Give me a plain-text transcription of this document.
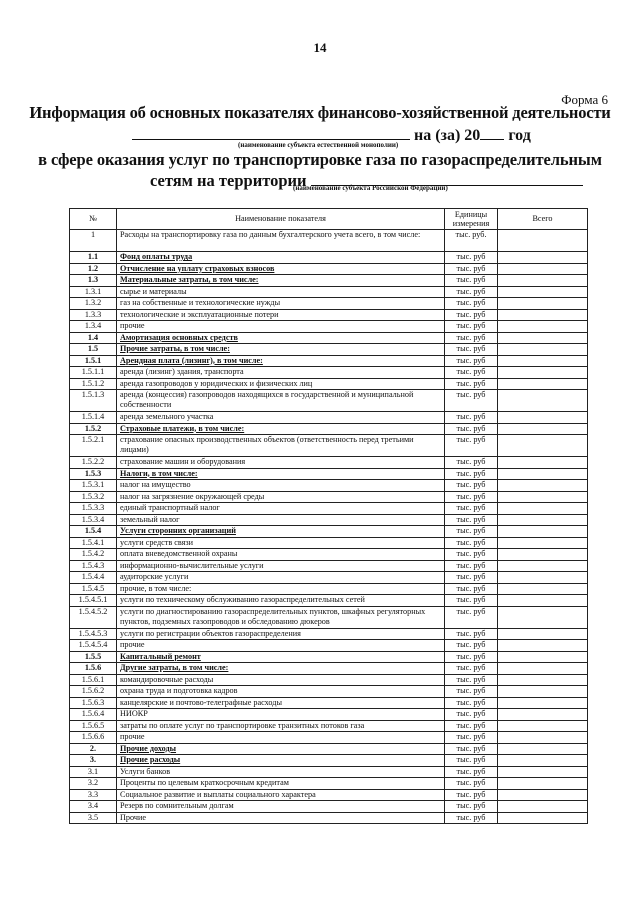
14
Форма 6
Информация об основных показателях финансово-хозяйственной деятельности
на (за) 20 год
(наименование субъекта естественной монополии)
в сфере оказания услуг по транспортировке газа по газораспределительным
сетям на территории
(наименование субъекта Российской Федерации)
№	Наименование показателя	Единицы измерения	Всего
1	Расходы на транспортировку газа по данным бухгалтерского учета всего, в том числе:	тыс. руб.	
1.1	Фонд оплаты труда	тыс. руб	
1.2	Отчисление на уплату страховых взносов	тыс. руб	
1.3	Материальные затраты, в том числе:	тыс. руб	
1.3.1	сырье и материалы	тыс. руб	
1.3.2	газ на собственные и технологические нужды	тыс. руб	
1.3.3	технологические и эксплуатационные потери	тыс. руб	
1.3.4	прочие	тыс. руб	
1.4	Амортизация основных средств	тыс. руб	
1.5	Прочие затраты, в том числе:	тыс. руб	
1.5.1	Арендная плата (лизинг), в том числе:	тыс. руб	
1.5.1.1	аренда (лизинг) здания, транспорта	тыс. руб	
1.5.1.2	аренда газопроводов у юридических и физических лиц	тыс. руб	
1.5.1.3	аренда (концессия) газопроводов находящихся в государственной и муниципальной собственности	тыс. руб	
1.5.1.4	аренда земельного участка	тыс. руб	
1.5.2	Страховые платежи, в том числе:	тыс. руб	
1.5.2.1	страхование опасных производственных объектов (ответственность перед третьими лицами)	тыс. руб	
1.5.2.2	страхование машин и оборудования	тыс. руб	
1.5.3	Налоги, в том числе:	тыс. руб	
1.5.3.1	налог на имущество	тыс. руб	
1.5.3.2	налог на загрязнение окружающей среды	тыс. руб	
1.5.3.3	единый транспортный налог	тыс. руб	
1.5.3.4	земельный налог	тыс. руб	
1.5.4	Услуги сторонних организаций	тыс. руб	
1.5.4.1	услуги средств связи	тыс. руб	
1.5.4.2	оплата вневедомственной охраны	тыс. руб	
1.5.4.3	информационно-вычислительные услуги	тыс. руб	
1.5.4.4	аудиторские услуги	тыс. руб	
1.5.4.5	прочие, в том числе:	тыс. руб	
1.5.4.5.1	услуги по техническому обслуживанию газораспределительных сетей	тыс. руб	
1.5.4.5.2	услуги по диагностированию газораспределительных пунктов, шкафных регуляторных пунктов, подземных газопроводов и обследованию дюкеров	тыс. руб	
1.5.4.5.3	услуги по регистрации объектов газораспределения	тыс. руб	
1.5.4.5.4	прочие	тыс. руб	
1.5.5	Капитальный ремонт	тыс. руб	
1.5.6	Другие затраты, в том числе:	тыс. руб	
1.5.6.1	командировочные расходы	тыс. руб	
1.5.6.2	охрана труда и подготовка кадров	тыс. руб	
1.5.6.3	канцелярские и почтово-телеграфные расходы	тыс. руб	
1.5.6.4	НИОКР	тыс. руб	
1.5.6.5	затраты по оплате услуг по транспортировке транзитных потоков газа	тыс. руб	
1.5.6.6	прочие	тыс. руб	
2.	Прочие доходы	тыс. руб	
3.	Прочие расходы	тыс. руб	
3.1	Услуги банков	тыс. руб	
3.2	Проценты по целевым краткосрочным кредитам	тыс. руб	
3.3	Социальное развитие и выплаты социального характера	тыс. руб	
3.4	Резерв по сомнительным долгам	тыс. руб	
3.5	Прочие	тыс. руб	
